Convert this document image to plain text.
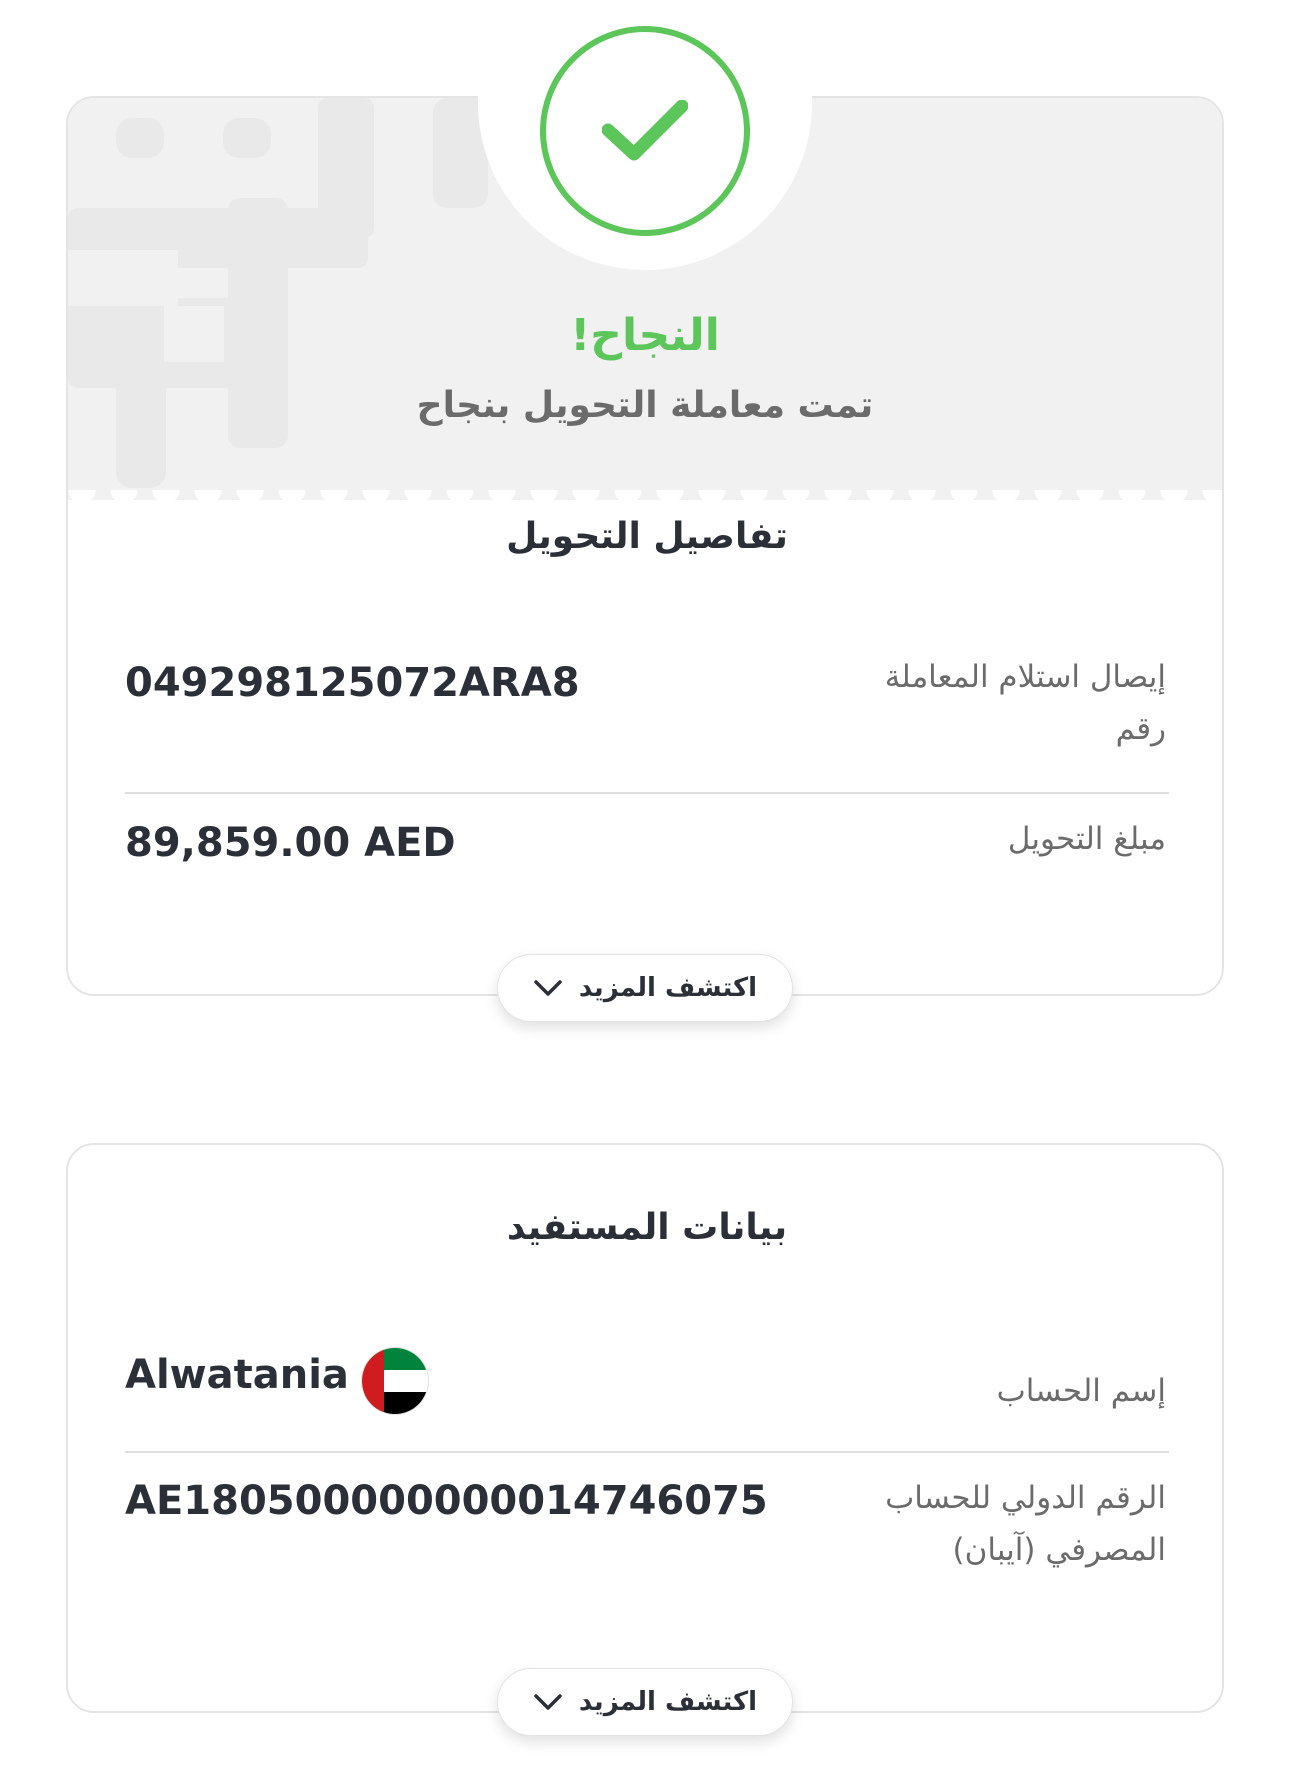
تفاصيل التحويل
إيصال استلام المعاملة
رقم
049298125072ARA8
مبلغ التحويل
89,859.00 AED
النجاح!
تمت معاملة التحويل بنجاح
اكتشف المزيد
بيانات المستفيد
إسم الحساب
Alwatania
الرقم الدولي للحساب
المصرفي (آيبان)
AE180500000000014746075
اكتشف المزيد
